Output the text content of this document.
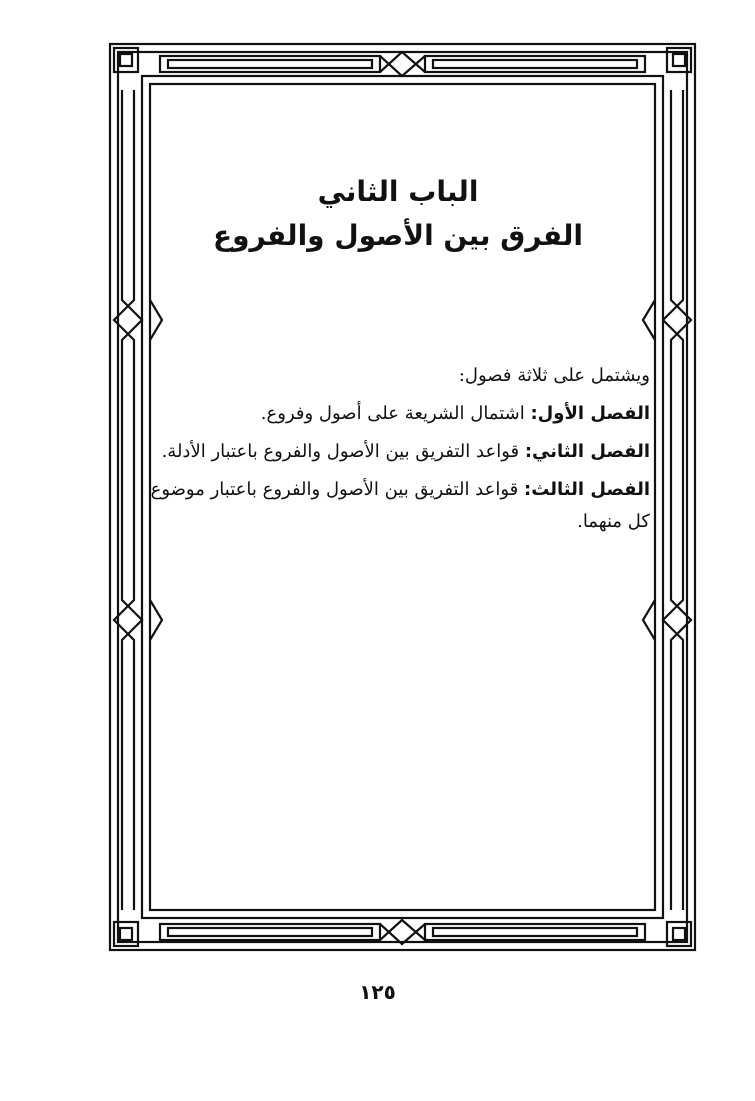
الباب الثاني

الفرق بين الأصول والفروع

ويشتمل على ثلاثة فصول:
الفصل الأول: اشتمال الشريعة على أصول وفروع.
الفصل الثاني: قواعد التفريق بين الأصول والفروع باعتبار الأدلة.
الفصل الثالث: قواعد التفريق بين الأصول والفروع باعتبار موضوع كل منهما.
١٢٥
